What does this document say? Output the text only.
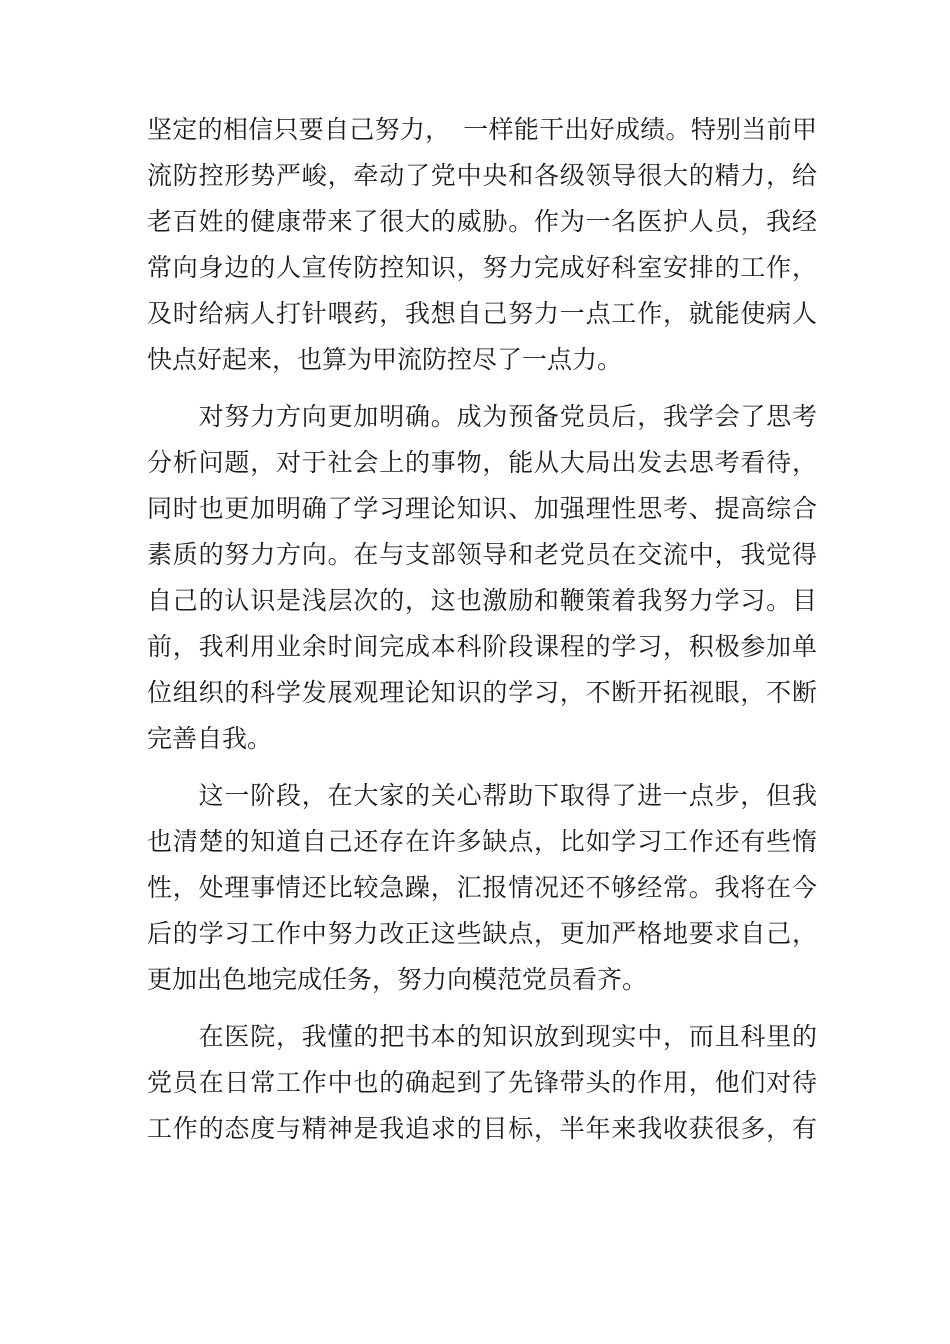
坚定的相信只要自己努力，　一样能干出好成绩。特别当前甲
流防控形势严峻，牵动了党中央和各级领导很大的精力，给
老百姓的健康带来了很大的威胁。作为一名医护人员，我经
常向身边的人宣传防控知识，努力完成好科室安排的工作，
及时给病人打针喂药，我想自己努力一点工作，就能使病人
快点好起来，也算为甲流防控尽了一点力。
　　对努力方向更加明确。成为预备党员后，我学会了思考
分析问题，对于社会上的事物，能从大局出发去思考看待，
同时也更加明确了学习理论知识、加强理性思考、提高综合
素质的努力方向。在与支部领导和老党员在交流中，我觉得
自己的认识是浅层次的，这也激励和鞭策着我努力学习。目
前，我利用业余时间完成本科阶段课程的学习，积极参加单
位组织的科学发展观理论知识的学习，不断开拓视眼，不断
完善自我。
　　这一阶段，在大家的关心帮助下取得了进一点步，但我
也清楚的知道自己还存在许多缺点，比如学习工作还有些惰
性，处理事情还比较急躁，汇报情况还不够经常。我将在今
后的学习工作中努力改正这些缺点，更加严格地要求自己，
更加出色地完成任务，努力向模范党员看齐。
　　在医院，我懂的把书本的知识放到现实中，而且科里的
党员在日常工作中也的确起到了先锋带头的作用，他们对待
工作的态度与精神是我追求的目标，半年来我收获很多，有
